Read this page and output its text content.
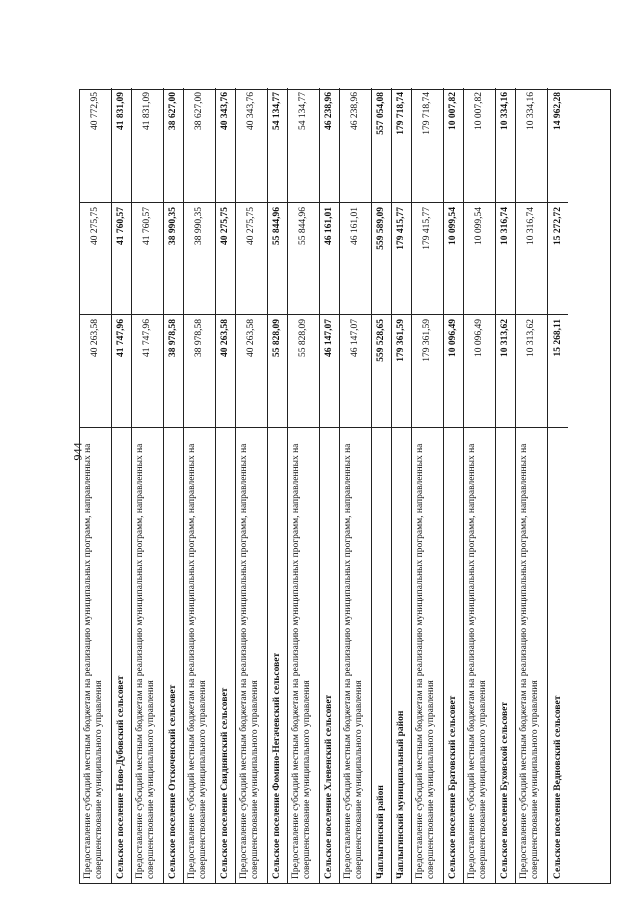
944
Предоставление субсидий местным бюджетам на реализацию муниципальных программ, направленных на совершенствование муниципального управления
40 263,58
40 275,75
40 772,95
Сельское поселение Ново-Дубовский сельсовет
41 747,96
41 760,57
41 831,09
Предоставление субсидий местным бюджетам на реализацию муниципальных программ, направленных на совершенствование муниципального управления
41 747,96
41 760,57
41 831,09
Сельское поселение Отскоченский сельсовет
38 978,58
38 990,35
38 627,00
Предоставление субсидий местным бюджетам на реализацию муниципальных программ, направленных на совершенствование муниципального управления
38 978,58
38 990,35
38 627,00
Сельское поселение Свиднянский сельсовет
40 263,58
40 275,75
40 343,76
Предоставление субсидий местным бюджетам на реализацию муниципальных программ, направленных на совершенствование муниципального управления
40 263,58
40 275,75
40 343,76
Сельское поселение Фомино-Негачевский сельсовет
55 828,09
55 844,96
54 134,77
Предоставление субсидий местным бюджетам на реализацию муниципальных программ, направленных на совершенствование муниципального управления
55 828,09
55 844,96
54 134,77
Сельское поселение Хлевенский сельсовет
46 147,07
46 161,01
46 238,96
Предоставление субсидий местным бюджетам на реализацию муниципальных программ, направленных на совершенствование муниципального управления
46 147,07
46 161,01
46 238,96
Чаплыгинский район
559 528,65
559 589,09
557 054,08
Чаплыгинский муниципальный район
179 361,59
179 415,77
179 718,74
Предоставление субсидий местным бюджетам на реализацию муниципальных программ, направленных на совершенствование муниципального управления
179 361,59
179 415,77
179 718,74
Сельское поселение Братовский сельсовет
10 096,49
10 099,54
10 007,82
Предоставление субсидий местным бюджетам на реализацию муниципальных программ, направленных на совершенствование муниципального управления
10 096,49
10 099,54
10 007,82
Сельское поселение Буховской сельсовет
10 313,62
10 316,74
10 334,16
Предоставление субсидий местным бюджетам на реализацию муниципальных программ, направленных на совершенствование муниципального управления
10 313,62
10 316,74
10 334,16
Сельское поселение Ведновский сельсовет
15 268,11
15 272,72
14 962,28
